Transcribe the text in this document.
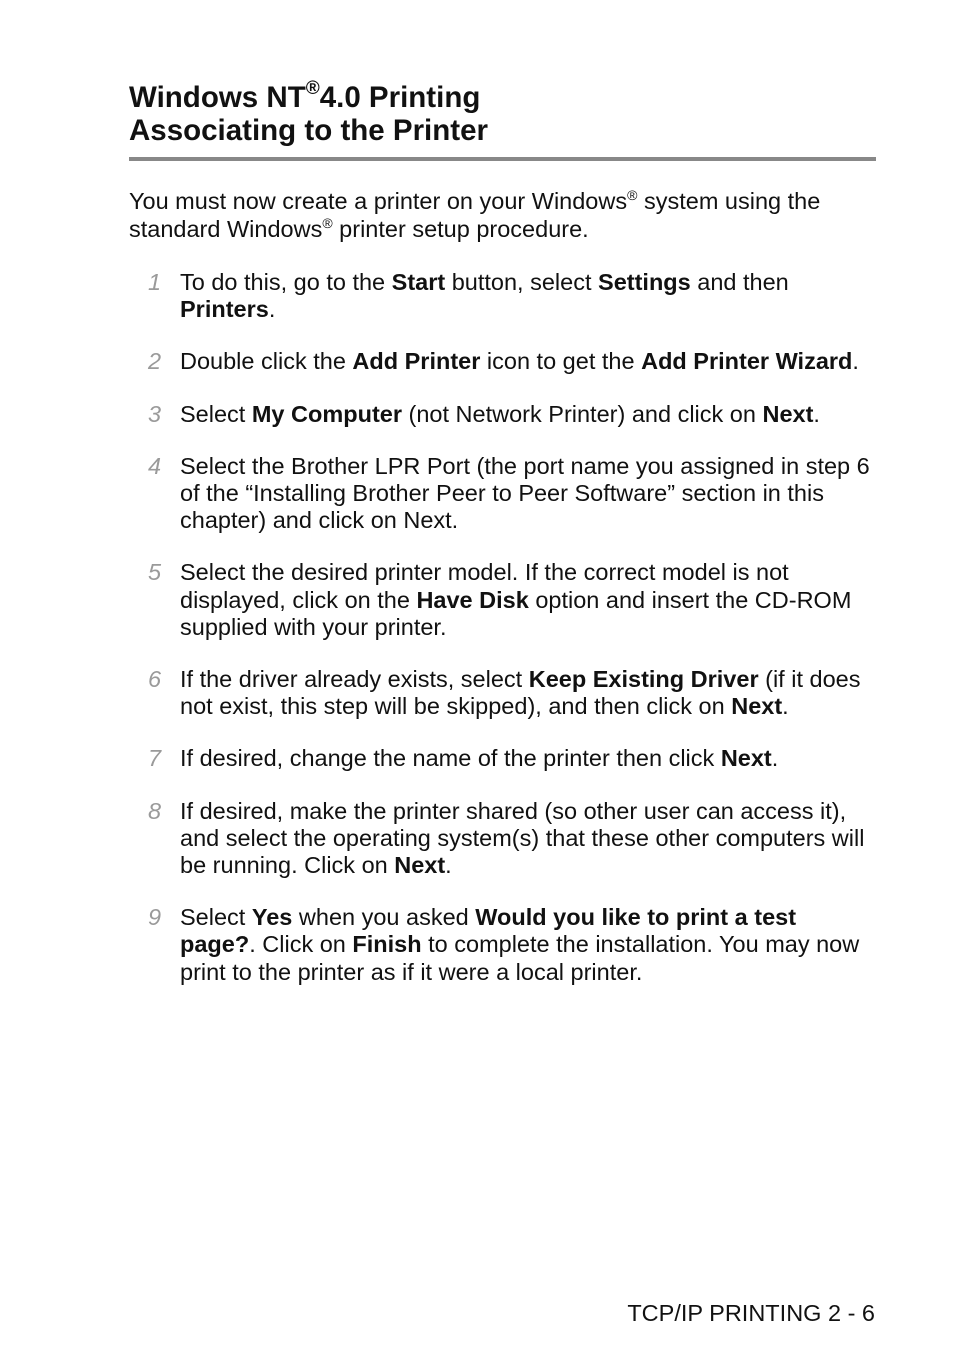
Windows NT®4.0 Printing
Associating to the Printer

You must now create a printer on your Windows® system using the standard Windows® printer setup procedure.

1 To do this, go to the Start button, select Settings and then Printers.
2 Double click the Add Printer icon to get the Add Printer Wizard.
3 Select My Computer (not Network Printer) and click on Next.
4 Select the Brother LPR Port (the port name you assigned in step 6 of the “Installing Brother Peer to Peer Software” section in this chapter) and click on Next.
5 Select the desired printer model. If the correct model is not displayed, click on the Have Disk option and insert the CD-ROM supplied with your printer.
6 If the driver already exists, select Keep Existing Driver (if it does not exist, this step will be skipped), and then click on Next.
7 If desired, change the name of the printer then click Next.
8 If desired, make the printer shared (so other user can access it), and select the operating system(s) that these other computers will be running. Click on Next.
9 Select Yes when you asked Would you like to print a test page?. Click on Finish to complete the installation. You may now print to the printer as if it were a local printer.

TCP/IP PRINTING 2 - 6
